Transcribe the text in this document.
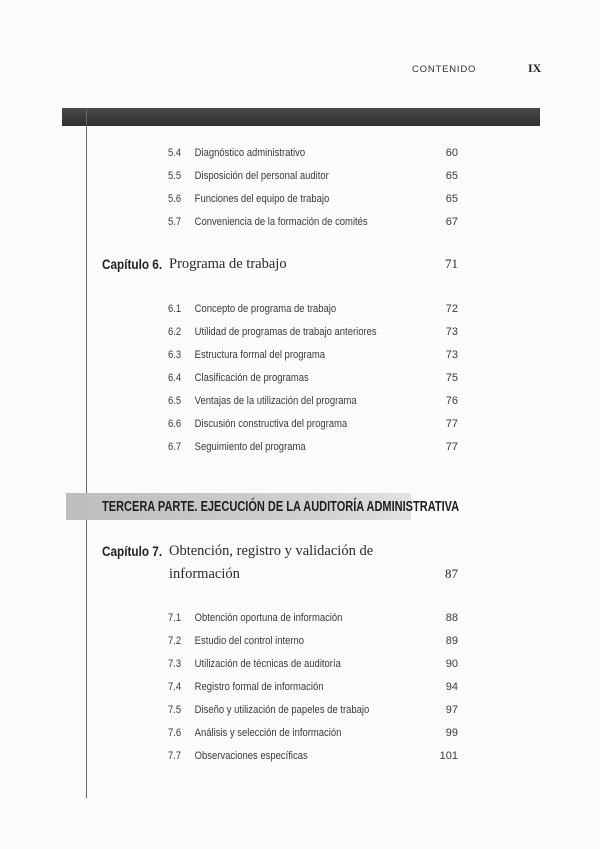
CONTENIDO	IX
5.4 Diagnóstico administrativo	60
5.5 Disposición del personal auditor	65
5.6 Funciones del equipo de trabajo	65
5.7 Conveniencia de la formación de comités	67
Capítulo 6. Programa de trabajo	71
6.1 Concepto de programa de trabajo	72
6.2 Utilidad de programas de trabajo anteriores	73
6.3 Estructura formal del programa	73
6.4 Clasificación de programas	75
6.5 Ventajas de la utilización del programa	76
6.6 Discusión constructiva del programa	77
6.7 Seguimiento del programa	77
TERCERA PARTE. EJECUCIÓN DE LA AUDITORÍA ADMINISTRATIVA
Capítulo 7. Obtención, registro y validación de
información	87
7.1 Obtención oportuna de información	88
7.2 Estudio del control interno	89
7.3 Utilización de técnicas de auditoría	90
7.4 Registro formal de información	94
7.5 Diseño y utilización de papeles de trabajo	97
7.6 Análisis y selección de información	99
7.7 Observaciones específicas	101
